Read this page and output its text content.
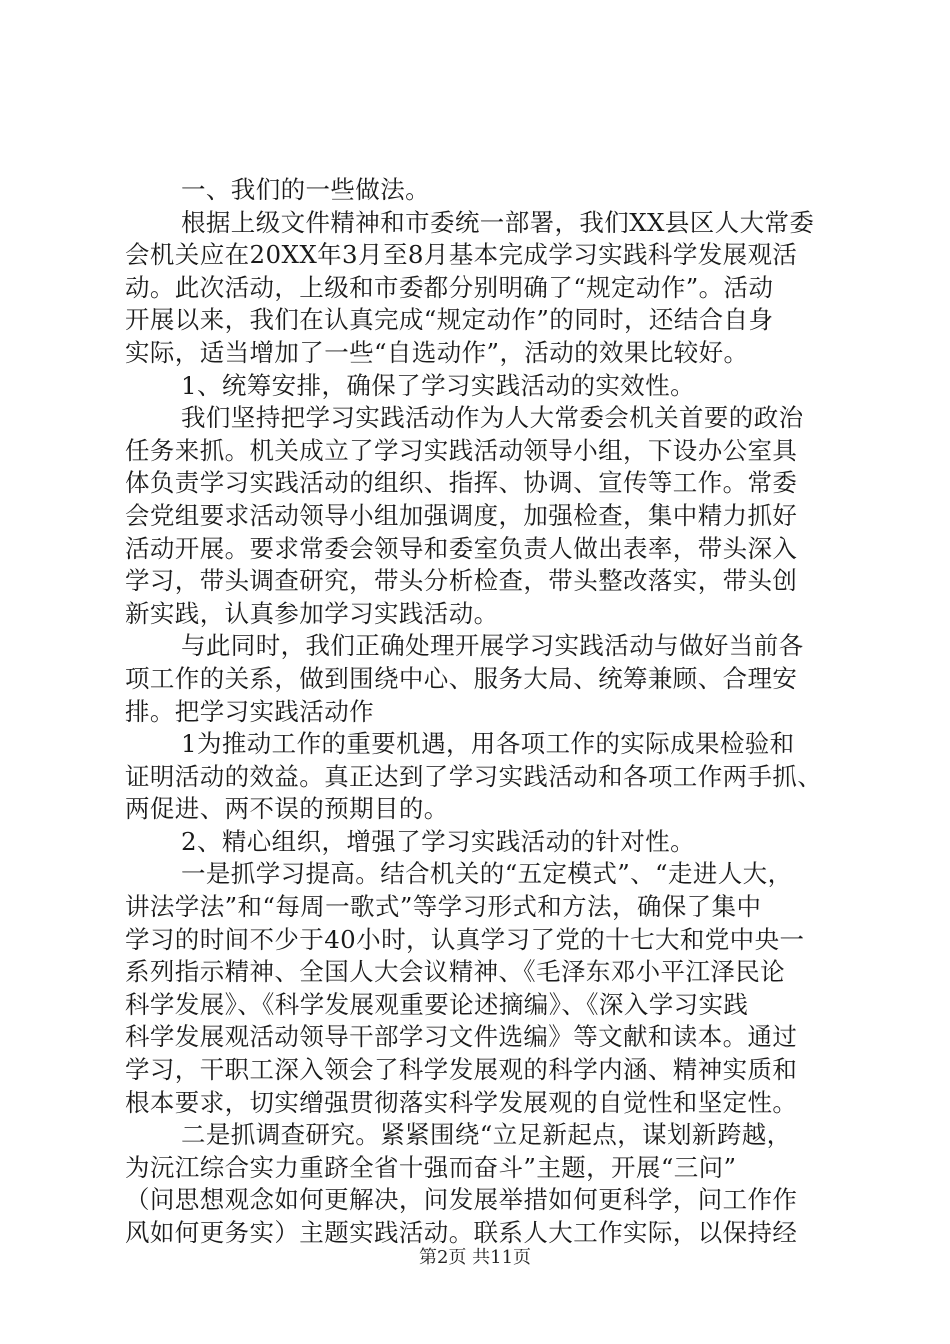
一、我们的一些做法。
根据上级文件精神和市委统一部署，我们XX县区人大常委
会机关应在20XX年3月至8月基本完成学习实践科学发展观活
动。此次活动，上级和市委都分别明确了“规定动作”。活动
开展以来，我们在认真完成“规定动作”的同时，还结合自身
实际，适当增加了一些“自选动作”，活动的效果比较好。
1、统筹安排，确保了学习实践活动的实效性。
我们坚持把学习实践活动作为人大常委会机关首要的政治
任务来抓。机关成立了学习实践活动领导小组，下设办公室具
体负责学习实践活动的组织、指挥、协调、宣传等工作。常委
会党组要求活动领导小组加强调度，加强检查，集中精力抓好
活动开展。要求常委会领导和委室负责人做出表率，带头深入
学习，带头调查研究，带头分析检查，带头整改落实，带头创
新实践，认真参加学习实践活动。
与此同时，我们正确处理开展学习实践活动与做好当前各
项工作的关系，做到围绕中心、服务大局、统筹兼顾、合理安
排。把学习实践活动作
1为推动工作的重要机遇，用各项工作的实际成果检验和
证明活动的效益。真正达到了学习实践活动和各项工作两手抓、
两促进、两不误的预期目的。
2、精心组织，增强了学习实践活动的针对性。
一是抓学习提高。结合机关的“五定模式”、“走进人大，
讲法学法”和“每周一歌式”等学习形式和方法，确保了集中
学习的时间不少于40小时，认真学习了党的十七大和党中央一
系列指示精神、全国人大会议精神、《毛泽东邓小平江泽民论
科学发展》、《科学发展观重要论述摘编》、《深入学习实践
科学发展观活动领导干部学习文件选编》等文献和读本。通过
学习，干职工深入领会了科学发展观的科学内涵、精神实质和
根本要求，切实缯强贯彻落实科学发展观的自觉性和坚定性。
二是抓调查研究。紧紧围绕“立足新起点，谋划新跨越，
为沅江综合实力重跻全省十强而奋斗”主题，开展“三问”
（问思想观念如何更解决，问发展举措如何更科学，问工作作
风如何更务实）主题实践活动。联系人大工作实际，以保持经
第2页 共11页
